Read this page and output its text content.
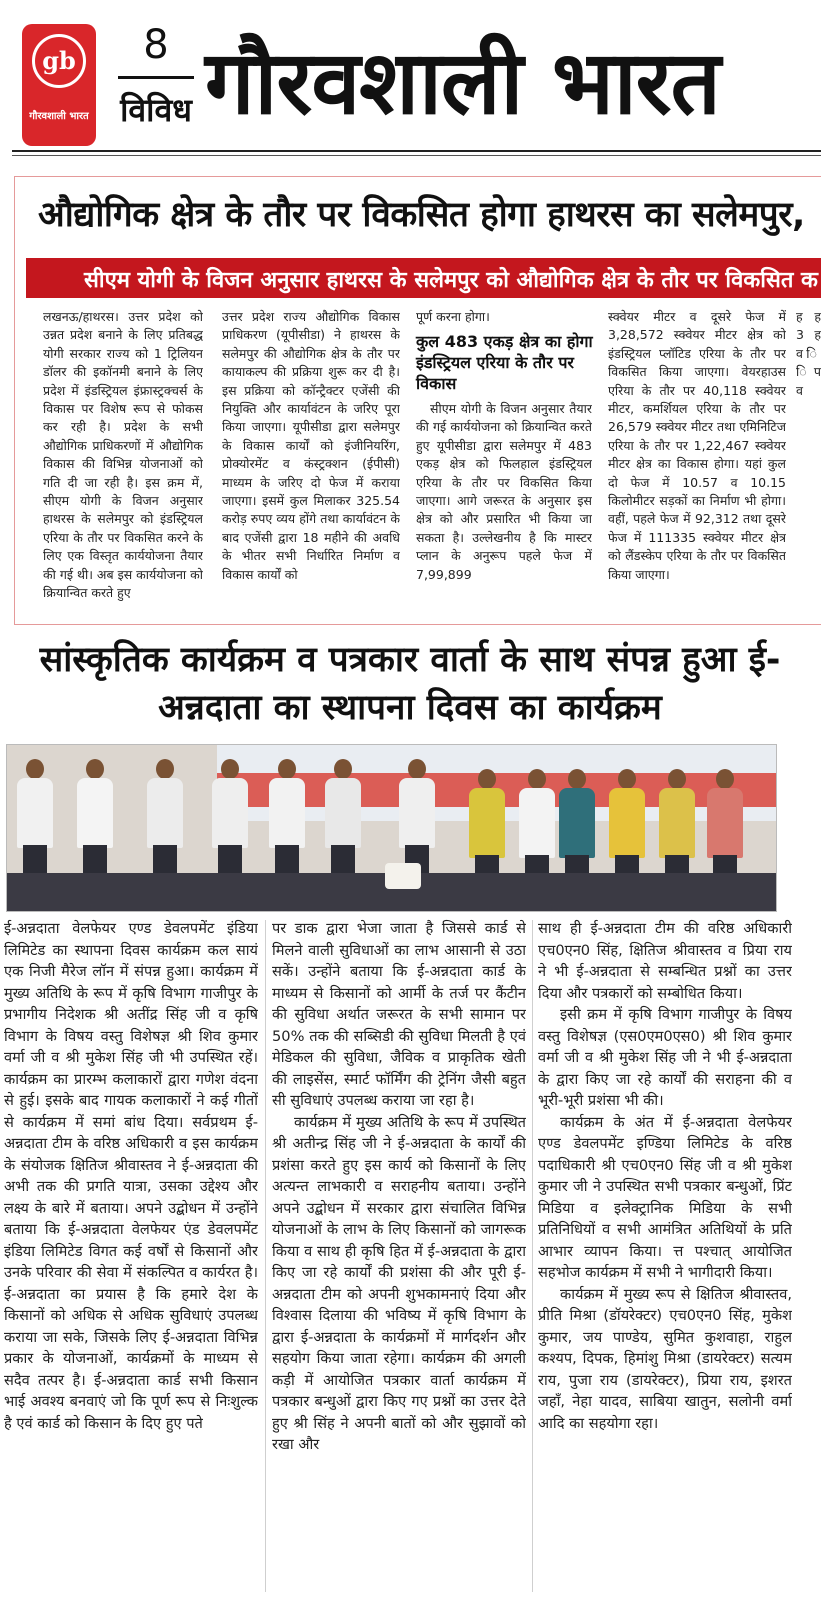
gb
गौरवशाली भारत
8
विविध गौरवशाली भारत
औद्योगिक क्षेत्र के तौर पर विकसित होगा हाथरस का सलेमपुर,
सीएम योगी के विजन अनुसार हाथरस के सलेमपुर को औद्योगिक क्षेत्र के तौर पर विकसित क
लखनऊ/हाथरस। उत्तर प्रदेश को उन्नत प्रदेश बनाने के लिए प्रतिबद्ध योगी सरकार राज्य को 1 ट्रिलियन डॉलर की इकॉनमी बनाने के लिए प्रदेश में इंडस्ट्रियल इंफ्रास्ट्रक्चर्स के विकास पर विशेष रूप से फोकस कर रही है। प्रदेश के सभी औद्योगिक प्राधिकरणों में औद्योगिक विकास की विभिन्न योजनाओं को गति दी जा रही है। इस क्रम में, सीएम योगी के विजन अनुसार हाथरस के सलेमपुर को इंडस्ट्रियल एरिया के तौर पर विकसित करने के लिए एक विस्तृत कार्ययोजना तैयार की गई थी। अब इस कार्ययोजना को क्रियान्वित करते हुए
उत्तर प्रदेश राज्य औद्योगिक विकास प्राधिकरण (यूपीसीडा) ने हाथरस के सलेमपुर की औद्योगिक क्षेत्र के तौर पर कायाकल्प की प्रक्रिया शुरू कर दी है। इस प्रक्रिया को कॉन्ट्रैक्टर एजेंसी की नियुक्ति और कार्यावंटन के जरिए पूरा किया जाएगा। यूपीसीडा द्वारा सलेमपुर के विकास कार्यों को इंजीनियरिंग, प्रोक्योरमेंट व कंस्ट्रक्शन (ईपीसी) माध्यम के जरिए दो फेज में कराया जाएगा। इसमें कुल मिलाकर 325.54 करोड़ रुपए व्यय होंगे तथा कार्यावंटन के बाद एजेंसी द्वारा 18 महीने की अवधि के भीतर सभी निर्धारित निर्माण व विकास कार्यों को
पूर्ण करना होगा।
कुल 483 एकड़ क्षेत्र का होगा इंडस्ट्रियल एरिया के तौर पर विकास
सीएम योगी के विजन अनुसार तैयार की गई कार्ययोजना को क्रियान्वित करते हुए यूपीसीडा द्वारा सलेमपुर में 483 एकड़ क्षेत्र को फिलहाल इंडस्ट्रियल एरिया के तौर पर विकसित किया जाएगा। आगे जरूरत के अनुसार इस क्षेत्र को और प्रसारित भी किया जा सकता है। उल्लेखनीय है कि मास्टर प्लान के अनुरूप पहले फेज में 7,99,899
स्क्वेयर मीटर व दूसरे फेज में 3,28,572 स्क्वेयर मीटर क्षेत्र को इंडस्ट्रियल प्लॉटिड एरिया के तौर पर विकसित किया जाएगा। वेयरहाउस एरिया के तौर पर 40,118 स्क्वेयर मीटर, कमर्शियल एरिया के तौर पर 26,579 स्क्वेयर मीटर तथा एमिनिटिज एरिया के तौर पर 1,22,467 स्क्वेयर मीटर क्षेत्र का विकास होगा। यहां कुल दो फेज में 10.57 व 10.15 किलोमीटर सड़कों का निर्माण भी होगा। वहीं, पहले फेज में 92,312 तथा दूसरे फेज में 111335 स्क्वेयर मीटर क्षेत्र को लैंडस्केप एरिया के तौर पर विकसित किया जाएगा।
ह ह 3 ह व ि ि प व
सांस्कृतिक कार्यक्रम व पत्रकार वार्ता के साथ संपन्न हुआ ई-अन्नदाता का स्थापना दिवस का कार्यक्रम

ई-अन्नदाता वेलफेयर एण्ड डेवलपमेंट इंडिया लिमिटेड का स्थापना दिवस कार्यक्रम कल सायं एक निजी मैरेज लॉन में संपन्न हुआ। कार्यक्रम में मुख्य अतिथि के रूप में कृषि विभाग गाजीपुर के प्रभागीय निदेशक श्री अतींद्र सिंह जी व कृषि विभाग के विषय वस्तु विशेषज्ञ श्री शिव कुमार वर्मा जी व श्री मुकेश सिंह जी भी उपस्थित रहें। कार्यक्रम का प्रारम्भ कलाकारों द्वारा गणेश वंदना से हुई। इसके बाद गायक कलाकारों ने कई गीतों से कार्यक्रम में समां बांध दिया। सर्वप्रथम ई-अन्नदाता टीम के वरिष्ठ अधिकारी व इस कार्यक्रम के संयोजक क्षितिज श्रीवास्तव ने ई-अन्नदाता की अभी तक की प्रगति यात्रा, उसका उद्देश्य और लक्ष्य के बारे में बताया। अपने उद्बोधन में उन्होंने बताया कि ई-अन्नदाता वेलफेयर एंड डेवलपमेंट इंडिया लिमिटेड विगत कई वर्षों से किसानों और उनके परिवार की सेवा में संकल्पित व कार्यरत है। ई-अन्नदाता का प्रयास है कि हमारे देश के किसानों को अधिक से अधिक सुविधाएं उपलब्ध कराया जा सके, जिसके लिए ई-अन्नदाता विभिन्न प्रकार के योजनाओं, कार्यक्रमों के माध्यम से सदैव तत्पर है। ई-अन्नदाता कार्ड सभी किसान भाई अवश्य बनवाएं जो कि पूर्ण रूप से निःशुल्क है एवं कार्ड को किसान के दिए हुए पते

पर डाक द्वारा भेजा जाता है जिससे कार्ड से मिलने वाली सुविधाओं का लाभ आसानी से उठा सकें। उन्होंने बताया कि ई-अन्नदाता कार्ड के माध्यम से किसानों को आर्मी के तर्ज पर कैंटीन की सुविधा अर्थात जरूरत के सभी सामान पर 50% तक की सब्सिडी की सुविधा मिलती है एवं मेडिकल की सुविधा, जैविक व प्राकृतिक खेती की लाइसेंस, स्मार्ट फॉर्मिंग की ट्रेनिंग जैसी बहुत सी सुविधाएं उपलब्ध कराया जा रहा है।

कार्यक्रम में मुख्य अतिथि के रूप में उपस्थित श्री अतीन्द्र सिंह जी ने ई-अन्नदाता के कार्यों की प्रशंसा करते हुए इस कार्य को किसानों के लिए अत्यन्त लाभकारी व सराहनीय बताया। उन्होंने अपने उद्बोधन में सरकार द्वारा संचालित विभिन्न योजनाओं के लाभ के लिए किसानों को जागरूक किया व साथ ही कृषि हित में ई-अन्नदाता के द्वारा किए जा रहे कार्यों की प्रशंसा की और पूरी ई-अन्नदाता टीम को अपनी शुभकामनाएं दिया और विश्वास दिलाया की भविष्य में कृषि विभाग के द्वारा ई-अन्नदाता के कार्यक्रमों में मार्गदर्शन और सहयोग किया जाता रहेगा। कार्यक्रम की अगली कड़ी में आयोजित पत्रकार वार्ता कार्यक्रम में पत्रकार बन्धुओं द्वारा किए गए प्रश्नों का उत्तर देते हुए श्री सिंह ने अपनी बातों को और सुझावों को रखा और

साथ ही ई-अन्नदाता टीम की वरिष्ठ अधिकारी एच0एन0 सिंह, क्षितिज श्रीवास्तव व प्रिया राय ने भी ई-अन्नदाता से सम्बन्धित प्रश्नों का उत्तर दिया और पत्रकारों को सम्बोधित किया।

इसी क्रम में कृषि विभाग गाजीपुर के विषय वस्तु विशेषज्ञ (एस0एम0एस0) श्री शिव कुमार वर्मा जी व श्री मुकेश सिंह जी ने भी ई-अन्नदाता के द्वारा किए जा रहे कार्यों की सराहना की व भूरी-भूरी प्रशंसा भी की।

कार्यक्रम के अंत में ई-अन्नदाता वेलफेयर एण्ड डेवलपमेंट इण्डिया लिमिटेड के वरिष्ठ पदाधिकारी श्री एच0एन0 सिंह जी व श्री मुकेश कुमार जी ने उपस्थित सभी पत्रकार बन्धुओं, प्रिंट मिडिया व इलेक्ट्रानिक मिडिया के सभी प्रतिनिधियों व सभी आमंत्रित अतिथियों के प्रति आभार व्यापन किया। त्त पश्चात् आयोजित सहभोज कार्यक्रम में सभी ने भागीदारी किया।

कार्यक्रम में मुख्य रूप से क्षितिज श्रीवास्तव, प्रीति मिश्रा (डॉयरेक्टर) एच0एन0 सिंह, मुकेश कुमार, जय पाण्डेय, सुमित कुशवाहा, राहुल कश्यप, दिपक, हिमांशु मिश्रा (डायरेक्टर) सत्यम राय, पुजा राय (डायरेक्टर), प्रिया राय, इशरत जहाँ, नेहा यादव, साबिया खातुन, सलोनी वर्मा आदि का सहयोगा रहा।
